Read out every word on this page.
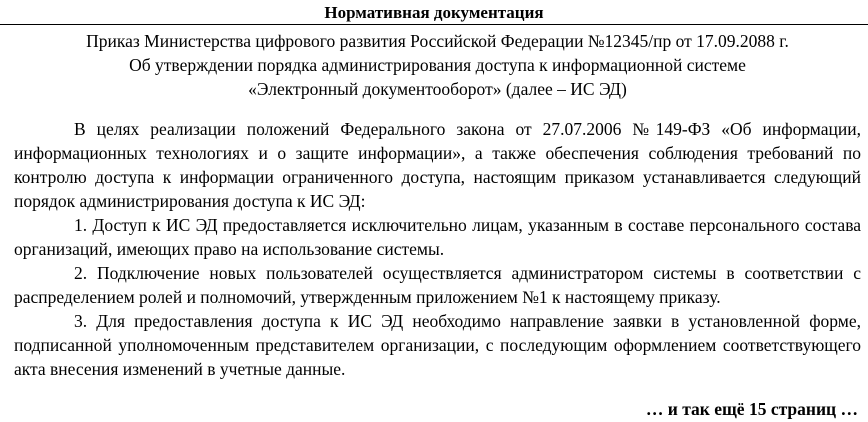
Нормативная документация
Приказ Министерства цифрового развития Российской Федерации №12345/пр от 17.09.2088 г.
Об утверждении порядка администрирования доступа к информационной системе
«Электронный документооборот» (далее – ИС ЭД)

В целях реализации положений Федерального закона от 27.07.2006 №149-ФЗ «Об информации, информационных технологиях и о защите информации», а также обеспечения соблюдения требований по контролю доступа к информации ограниченного доступа, настоящим приказом устанавливается следующий порядок администрирования доступа к ИС ЭД:

1. Доступ к ИС ЭД предоставляется исключительно лицам, указанным в составе персонального состава организаций, имеющих право на использование системы.

2. Подключение новых пользователей осуществляется администратором системы в соответствии с распределением ролей и полномочий, утвержденным приложением №1 к настоящему приказу.

3. Для предоставления доступа к ИС ЭД необходимо направление заявки в установленной форме, подписанной уполномоченным представителем организации, с последующим оформлением соответствующего акта внесения изменений в учетные данные.

… и так ещё 15 страниц …
